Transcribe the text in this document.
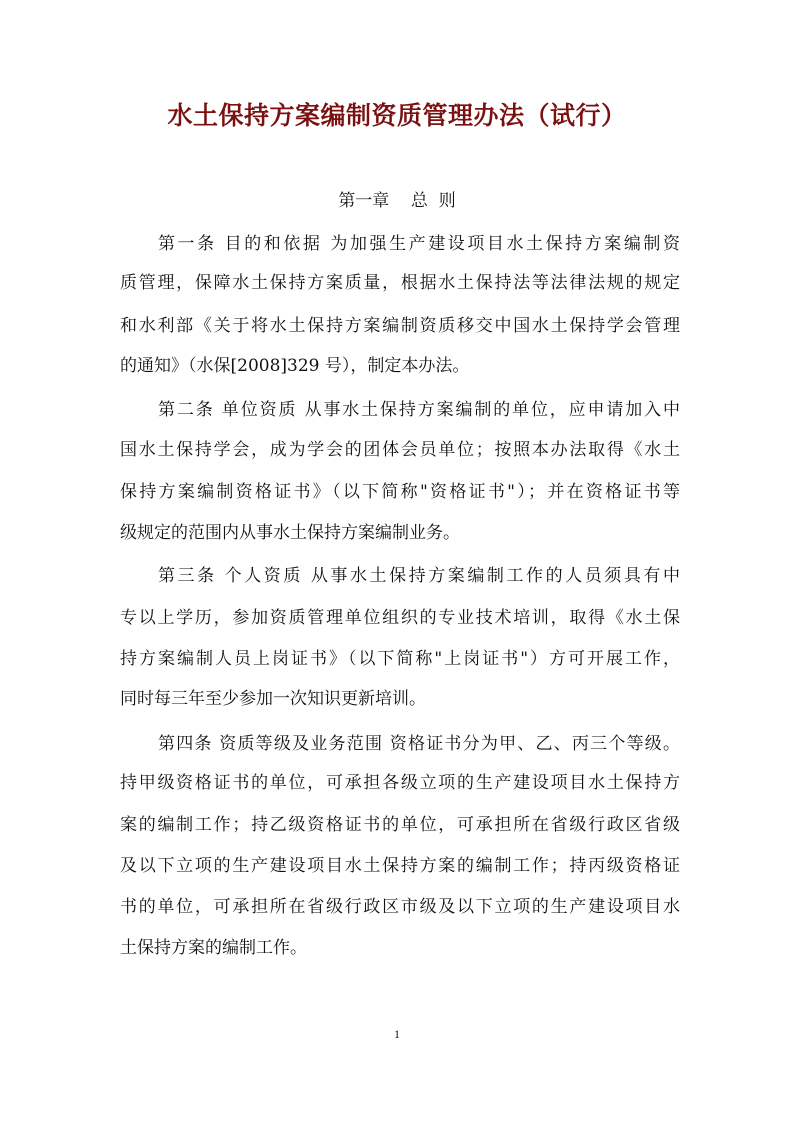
水土保持方案编制资质管理办法（试行）
第一章    总  则
第一条 目的和依据 为加强生产建设项目水土保持方案编制资
质管理，保障水土保持方案质量，根据水土保持法等法律法规的规定
和水利部《关于将水土保持方案编制资质移交中国水土保持学会管理
的通知》（水保[2008]329 号），制定本办法。
第二条 单位资质 从事水土保持方案编制的单位，应申请加入中
国水土保持学会，成为学会的团体会员单位；按照本办法取得《水土
保持方案编制资格证书》（以下简称"资格证书"）；并在资格证书等
级规定的范围内从事水土保持方案编制业务。
第三条 个人资质 从事水土保持方案编制工作的人员须具有中
专以上学历，参加资质管理单位组织的专业技术培训，取得《水土保
持方案编制人员上岗证书》（以下简称"上岗证书"）方可开展工作，
同时每三年至少参加一次知识更新培训。
第四条 资质等级及业务范围 资格证书分为甲、乙、丙三个等级。
持甲级资格证书的单位，可承担各级立项的生产建设项目水土保持方
案的编制工作；持乙级资格证书的单位，可承担所在省级行政区省级
及以下立项的生产建设项目水土保持方案的编制工作；持丙级资格证
书的单位，可承担所在省级行政区市级及以下立项的生产建设项目水
土保持方案的编制工作。
1
